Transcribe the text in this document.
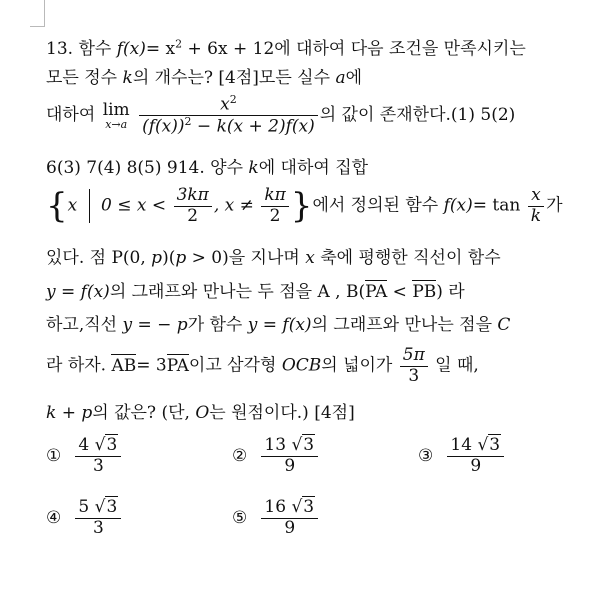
13. 함수 $f(x)= x^2 + 6x + 12$에 대하여 다음 조건을 만족시키는
모든 정수 k의 개수는? [4점]모든 실수 a에
대하여 lim
x→a
$\frac{x^2}{(f(x))^2 - k(x + 2)f(x)}$ 의 값이 존재한다.(1) 5(2)
6(3) 7(4) 8(5) 914. 양수 k에 대하여 집합
{x $0 \le x < \frac{3k\pi}{2}$ , $x \ne \frac{k\pi}{2}$ }에서 정의된 함수 $f(x)= \tan \frac{x}{k}$ 가
있다. 점 P(0, p)(p > 0)을 지나며 x 축에 평행한 직선이 함수
y = f(x)의 그래프와 만나는 두 점을 A , B(PA < PB) 라
하고,직선 y = − p가 함수 y = f(x)의 그래프와 만나는 점을 C
라 하자. AB= 3PA이고 삼각형 OCB의 넓이가 $\frac{5\pi}{3}$ 일 때,
k + p의 값은? (단, O는 원점이다.) [4점]
① $\frac{4 √3}{3}$	② $\frac{13 √3}{9}$	③ $\frac{14 √3}{9}$
④ $\frac{5 √3}{3}$	⑤ $\frac{16 √3}{9}$
